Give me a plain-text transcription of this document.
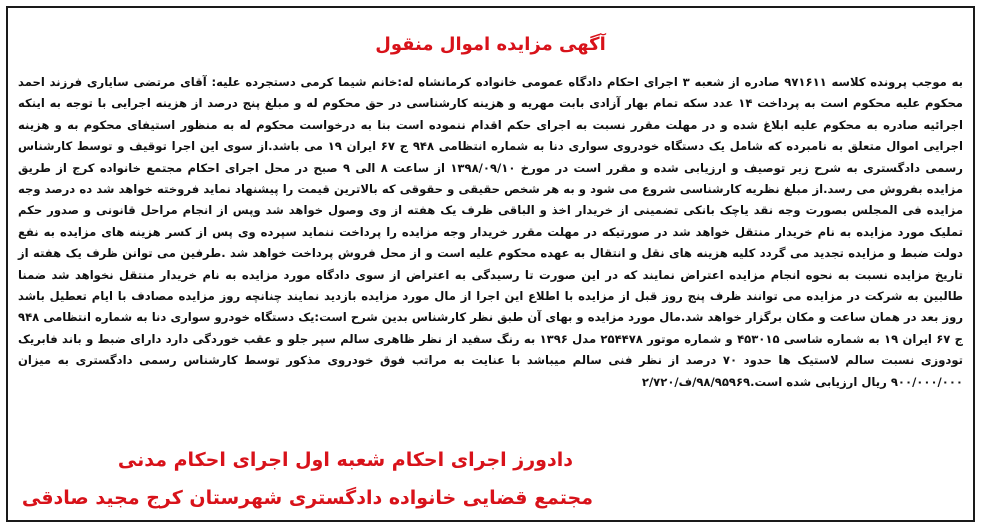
آگهی مزایده اموال منقول
به موجب پرونده کلاسه ۹۷۱۶۱۱ صادره از شعبه ۳ اجرای احکام دادگاه عمومی خانواده کرمانشاه له:خانم شیما کرمی دستجرده علیه: آقای مرتضی سایاری فرزند احمد محکوم علیه محکوم است به پرداخت ۱۴ عدد سکه تمام بهار آزادی بابت مهریه و هزینه کارشناسی در حق محکوم له و مبلغ پنج درصد از هزینه اجرایی با توجه به اینکه اجرائیه صادره به محکوم علیه ابلاغ شده و در مهلت مقرر نسبت به اجرای حکم اقدام ننموده است بنا به درخواست محکوم له به منظور استیفای محکوم به و هزینه اجرایی اموال متعلق به نامبرده که شامل یک دستگاه خودروی سواری دنا به شماره انتظامی ۹۴۸ ج ۶۷ ایران ۱۹ می باشد.از سوی این اجرا توقیف و توسط کارشناس رسمی دادگستری به شرح زیر توصیف و ارزیابی شده و مقرر است در مورخ ۱۳۹۸/۰۹/۱۰ از ساعت ۸ الی ۹ صبح در محل اجرای احکام مجتمع خانواده کرج از طریق مزایده بفروش می رسد.از مبلغ نظریه کارشناسی شروع می شود و به هر شخص حقیقی و حقوقی که بالاترین قیمت را پیشنهاد نماید فروخته خواهد شد ده درصد وجه مزایده فی المجلس بصورت وجه نقد یاچک بانکی تضمینی از خریدار اخذ و الباقی ظرف یک هفته از وی وصول خواهد شد وپس از انجام مراحل قانونی و صدور حکم تملیک مورد مزایده به نام خریدار منتقل خواهد شد در صورتیکه در مهلت مقرر خریدار وجه مزایده را پرداخت ننماید سپرده وی پس از کسر هزینه های مزایده به نفع دولت ضبط و مزایده تجدید می گردد کلیه هزینه های نقل و انتقال به عهده محکوم علیه است و از محل فروش پرداخت خواهد شد .طرفین می توانن ظرف یک هفته از تاریخ مزایده نسبت به نحوه انجام مزایده اعتراض نمایند که در این صورت تا رسیدگی به اعتراض از سوی دادگاه مورد مزایده به نام خریدار منتقل نخواهد شد ضمنا طالبین به شرکت در مزایده می توانند ظرف پنج روز قبل از مزایده با اطلاع این اجرا از مال مورد مزایده بازدید نمایند چنانچه روز مزایده مصادف با ایام تعطیل باشد روز بعد در همان ساعت و مکان برگزار خواهد شد.مال مورد مزایده و بهای آن طبق نظر کارشناس بدین شرح است:یک دستگاه خودرو سواری دنا به شماره انتظامی ۹۴۸ ج ۶۷ ایران ۱۹ به شماره شاسی ۴۵۳۰۱۵ و شماره موتور ۲۵۴۴۷۸ مدل ۱۳۹۶ به رنگ سفید از نظر ظاهری سالم سپر جلو و عقب خوردگی دارد دارای ضبط و باند فابریک تودوزی نسبت سالم لاستیک ها حدود ۷۰ درصد از نظر فنی سالم میباشد با عنایت به مراتب فوق خودروی مذکور توسط کارشناس رسمی دادگستری به میزان ۹۰۰/۰۰۰/۰۰۰ ریال ارزیابی شده است.۹۸/۹۵۹۶۹/ف/۲/۷۲۰
دادورز اجرای احکام شعبه اول اجرای احکام مدنی
مجتمع قضایی خانواده دادگستری شهرستان کرج مجید صادقی
